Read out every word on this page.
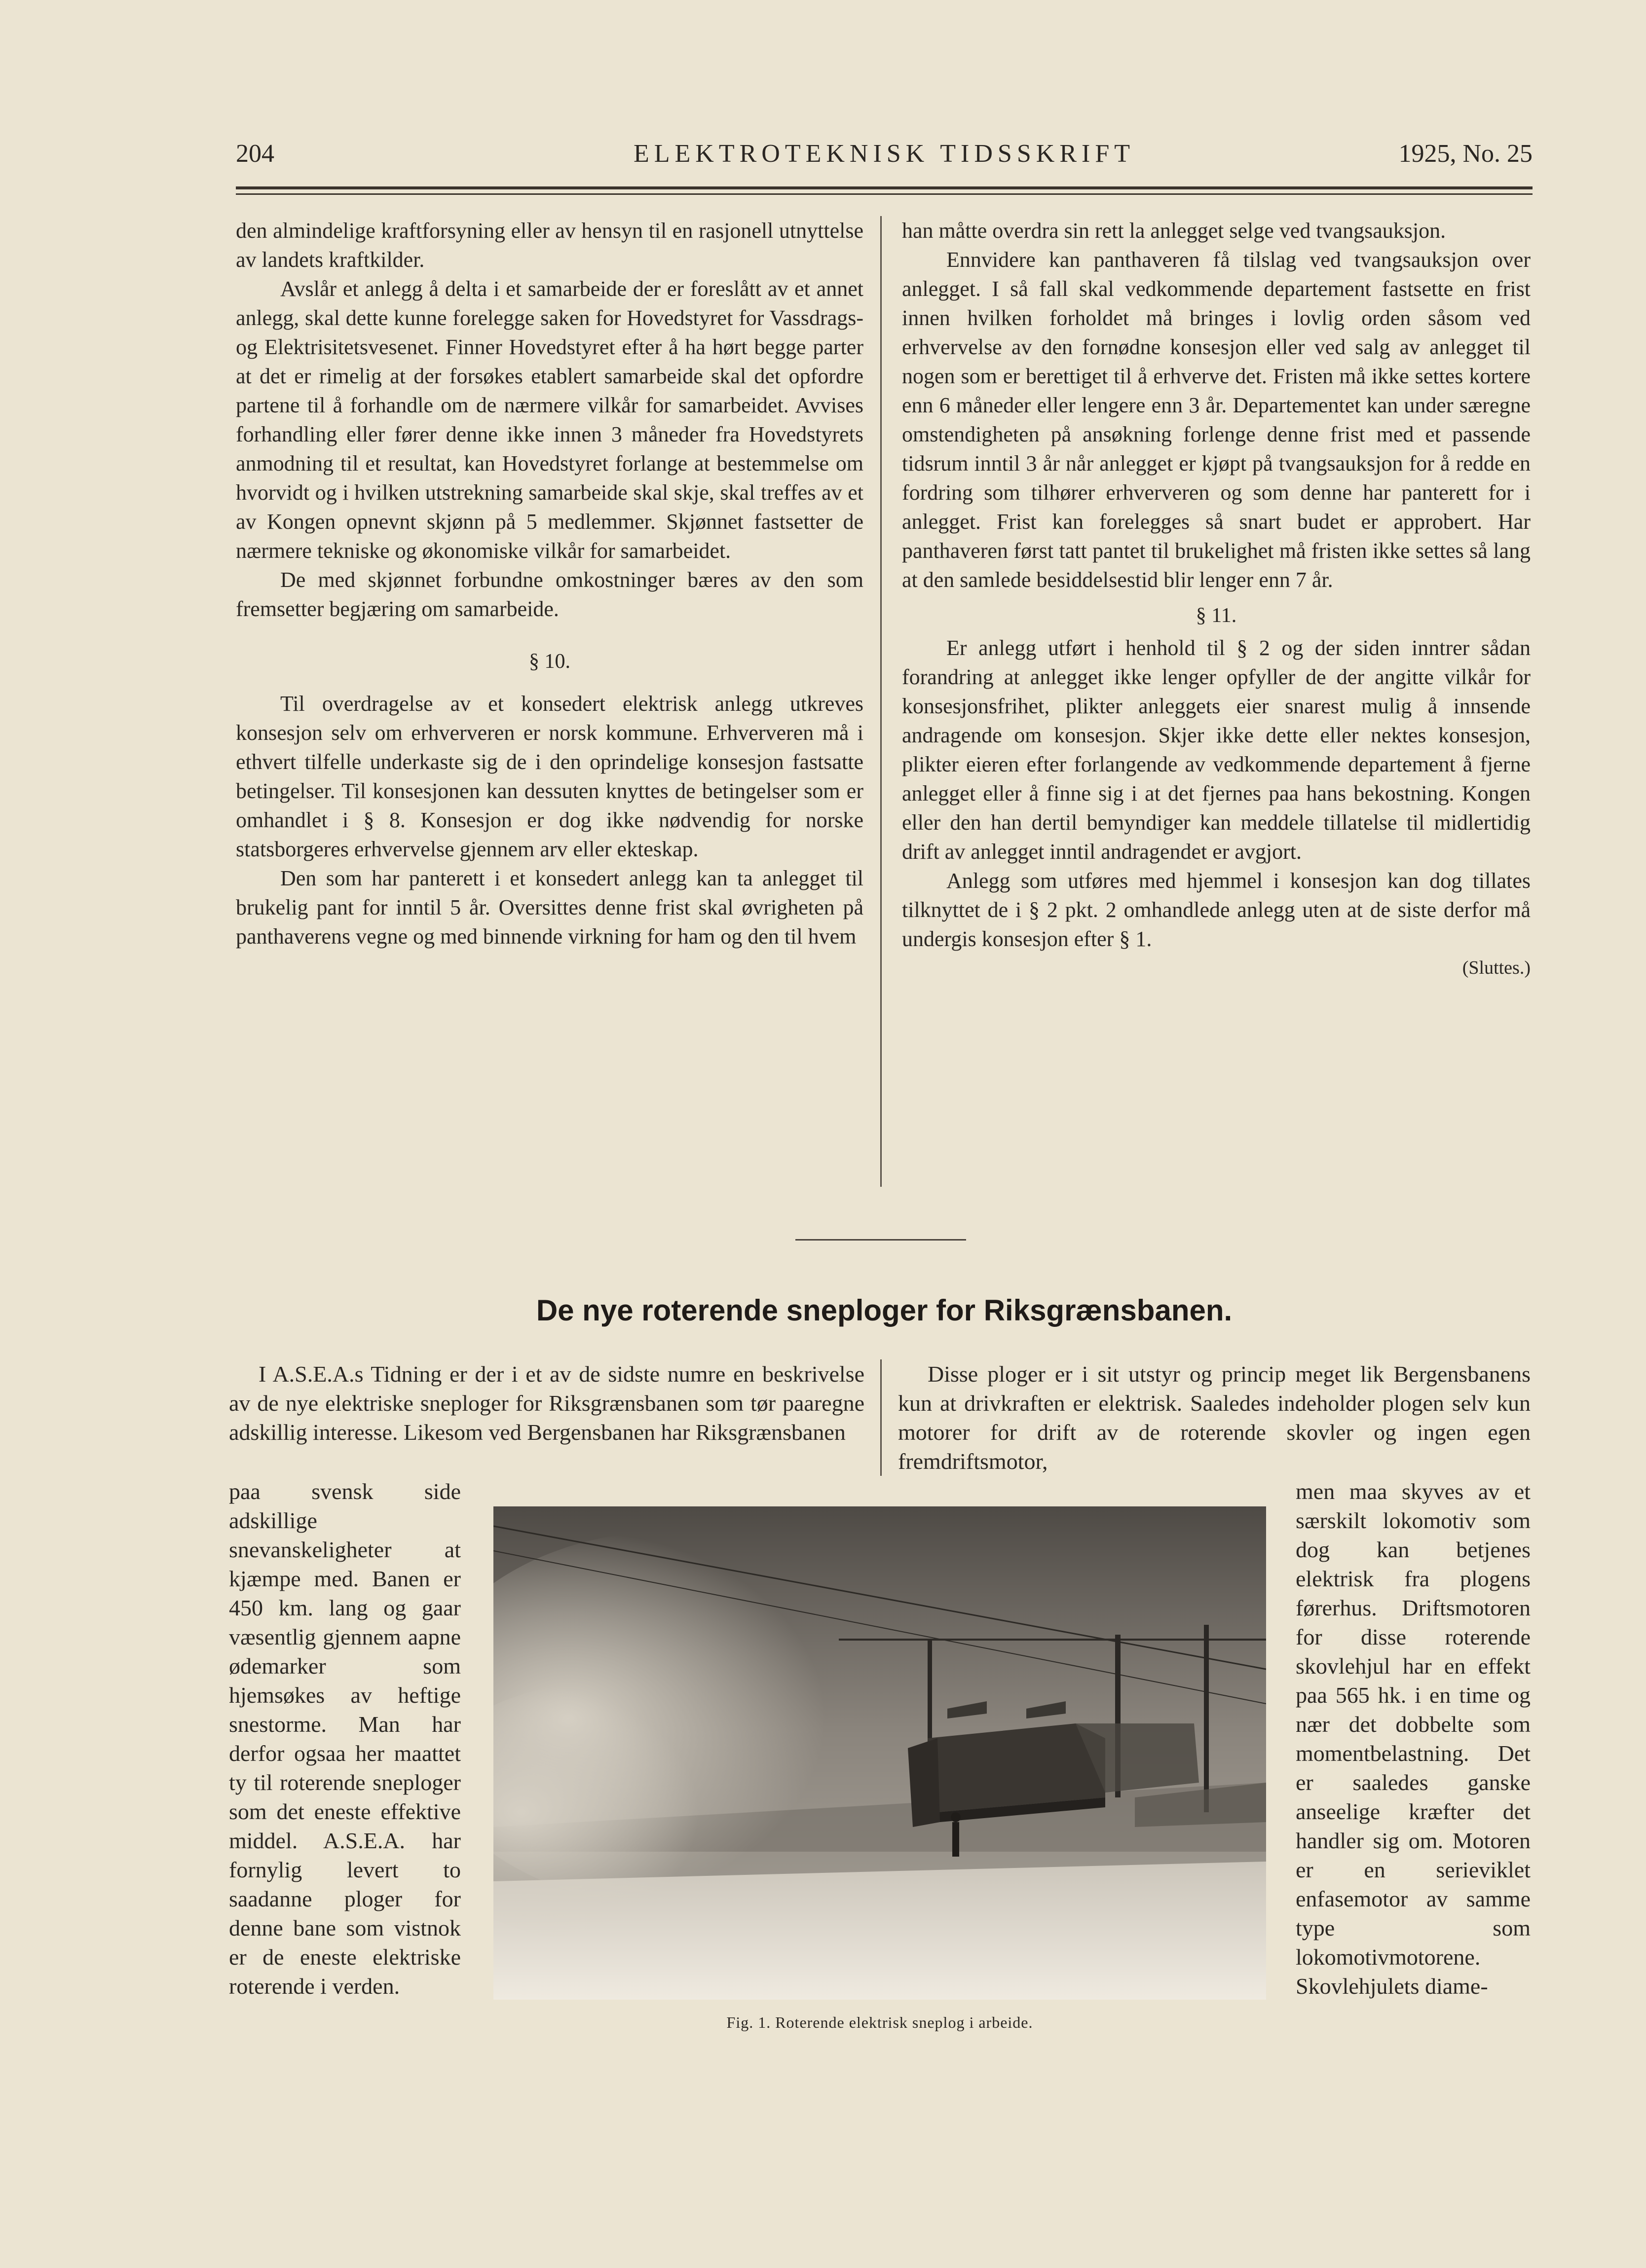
204	ELEKTROTEKNISK TIDSSKRIFT	1925, No. 25

den almindelige kraftforsyning eller av hensyn til en rasjonell utnyttelse av landets kraftkilder.

Avslår et anlegg å delta i et samarbeide der er foreslått av et annet anlegg, skal dette kunne forelegge saken for Hovedstyret for Vassdrags- og Elektrisitetsvesenet. Finner Hovedstyret efter å ha hørt begge parter at det er rimelig at der forsøkes etablert samarbeide skal det opfordre partene til å forhandle om de nærmere vilkår for samarbeidet. Avvises forhandling eller fører denne ikke innen 3 måneder fra Hovedstyrets anmodning til et resultat, kan Hovedstyret forlange at bestemmelse om hvorvidt og i hvilken utstrekning samarbeide skal skje, skal treffes av et av Kongen opnevnt skjønn på 5 medlemmer. Skjønnet fastsetter de nærmere tekniske og økonomiske vilkår for samarbeidet.

De med skjønnet forbundne omkostninger bæres av den som fremsetter begjæring om samarbeide.

§ 10.

Til overdragelse av et konsedert elektrisk anlegg utkreves konsesjon selv om erhververen er norsk kommune. Erhververen må i ethvert tilfelle underkaste sig de i den oprindelige konsesjon fastsatte betingelser. Til konsesjonen kan dessuten knyttes de betingelser som er omhandlet i § 8. Konsesjon er dog ikke nødvendig for norske statsborgeres erhvervelse gjennem arv eller ekteskap.

Den som har panterett i et konsedert anlegg kan ta anlegget til brukelig pant for inntil 5 år. Oversittes denne frist skal øvrigheten på panthaverens vegne og med binnende virkning for ham og den til hvem

han måtte overdra sin rett la anlegget selge ved tvangsauksjon.

Ennvidere kan panthaveren få tilslag ved tvangsauksjon over anlegget. I så fall skal vedkommende departement fastsette en frist innen hvilken forholdet må bringes i lovlig orden såsom ved erhvervelse av den fornødne konsesjon eller ved salg av anlegget til nogen som er berettiget til å erhverve det. Fristen må ikke settes kortere enn 6 måneder eller lengere enn 3 år. Departementet kan under særegne omstendigheten på ansøkning forlenge denne frist med et passende tidsrum inntil 3 år når anlegget er kjøpt på tvangsauksjon for å redde en fordring som tilhører erhververen og som denne har panterett for i anlegget. Frist kan forelegges så snart budet er approbert. Har panthaveren først tatt pantet til brukelighet må fristen ikke settes så lang at den samlede besiddelsestid blir lenger enn 7 år.

§ 11.

Er anlegg utført i henhold til § 2 og der siden inntrer sådan forandring at anlegget ikke lenger opfyller de der angitte vilkår for konsesjonsfrihet, plikter anleggets eier snarest mulig å innsende andragende om konsesjon. Skjer ikke dette eller nektes konsesjon, plikter eieren efter forlangende av vedkommende departement å fjerne anlegget eller å finne sig i at det fjernes paa hans bekostning. Kongen eller den han dertil bemyndiger kan meddele tillatelse til midlertidig drift av anlegget inntil andragendet er avgjort.

Anlegg som utføres med hjemmel i konsesjon kan dog tillates tilknyttet de i § 2 pkt. 2 omhandlede anlegg uten at de siste derfor må undergis konsesjon efter § 1.

(Sluttes.)

De nye roterende sneploger for Riksgrænsbanen.

I A.S.E.A.s Tidning er der i et av de sidste numre en beskrivelse av de nye elektriske sneploger for Riksgrænsbanen som tør paaregne adskillig interesse. Likesom ved Bergensbanen har Riksgrænsbanen

Disse ploger er i sit utstyr og princip meget lik Bergensbanens kun at drivkraften er elektrisk. Saaledes indeholder plogen selv kun motorer for drift av de roterende skovler og ingen egen fremdriftsmotor,

paa svensk side adskillige snevanskeligheter at kjæmpe med. Banen er 450 km. lang og gaar væsentlig gjennem aapne ødemarker som hjemsøkes av heftige snestorme. Man har derfor ogsaa her maattet ty til roterende sneploger som det eneste effektive middel. A.S.E.A. har fornylig levert to saadanne ploger for denne bane som vistnok er de eneste elektriske roterende i verden.
men maa skyves av et særskilt lokomotiv som dog kan betjenes elektrisk fra plogens førerhus. Driftsmotoren for disse roterende skovlehjul har en effekt paa 565 hk. i en time og nær det dobbelte som momentbelastning. Det er saaledes ganske anseelige kræfter det handler sig om. Motoren er en serieviklet enfasemotor av samme type som lokomotivmotorene. Skovlehjulets diame-
Fig. 1. Roterende elektrisk sneplog i arbeide.
